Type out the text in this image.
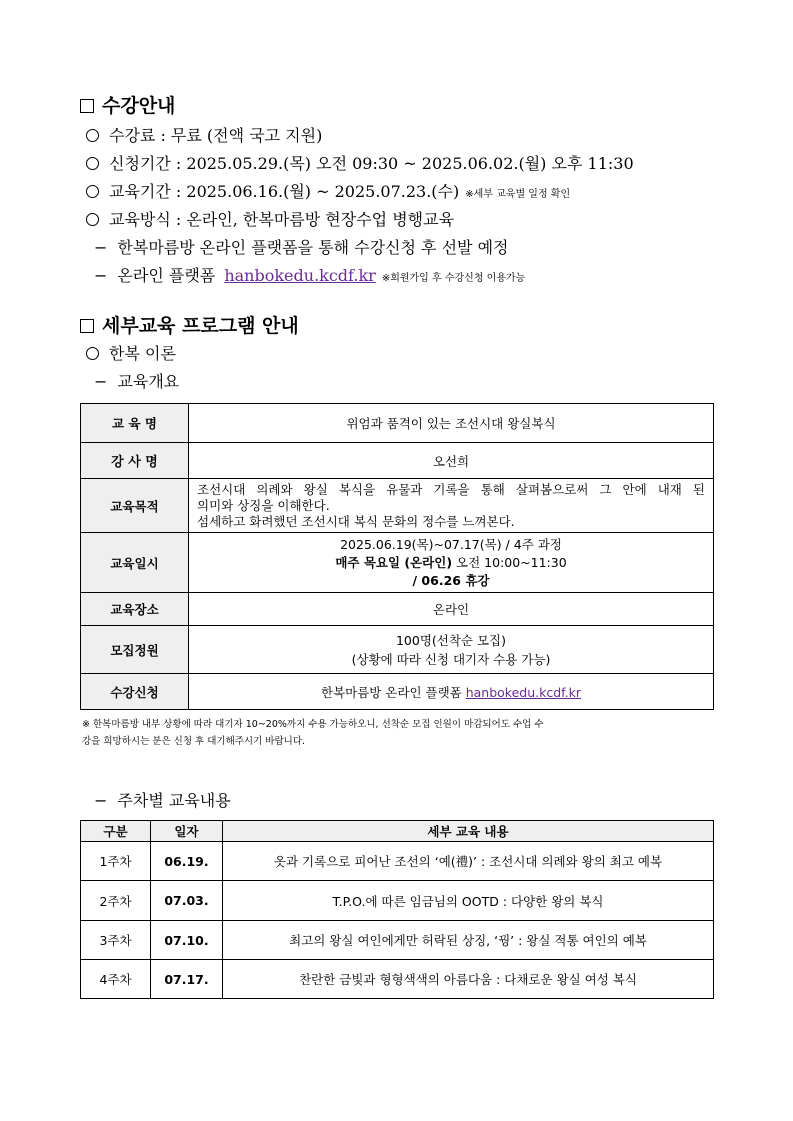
수강안내
수강료 : 무료 (전액 국고 지원)
신청기간 : 2025.05.29.(목) 오전 09:30 ~ 2025.06.02.(월) 오후 11:30
교육기간 : 2025.06.16.(월) ~ 2025.07.23.(수) ※세부 교육별 일정 확인
교육방식 : 온라인, 한복마름방 현장수업 병행교육
− 한복마름방 온라인 플랫폼을 통해 수강신청 후 선발 예정
− 온라인 플랫폼 hanbokedu.kcdf.kr ※회원가입 후 수강신청 이용가능
세부교육 프로그램 안내
한복 이론
− 교육개요
교 육 명	위엄과 품격이 있는 조선시대 왕실복식
강 사 명	오선희
교육목적	조선시대 의례와 왕실 복식을 유물과 기록을 통해 살펴봄으로써 그 안에 내재 된
의미와 상징을 이해한다.
섬세하고 화려했던 조선시대 복식 문화의 정수를 느껴본다.

교육일시	2025.06.19(목)~07.17(목) / 4주 과정
매주 목요일 (온라인) 오전 10:00~11:30
/ 06.26 휴강

교육장소	온라인
모집정원	100명(선착순 모집)
(상황에 따라 신청 대기자 수용 가능)

수강신청	한복마름방 온라인 플랫폼 hanbokedu.kcdf.kr
※ 한복마름방 내부 상황에 따라 대기자 10~20%까지 수용 가능하오니, 선착순 모집 인원이 마감되어도 수업 수
강을 희망하시는 분은 신청 후 대기해주시기 바랍니다.
− 주차별 교육내용
구분	일자	세부 교육 내용
1주차	06.19.	옷과 기록으로 피어난 조선의 ‘예(禮)’ : 조선시대 의례와 왕의 최고 예복
2주차	07.03.	T.P.O.에 따른 임금님의 OOTD : 다양한 왕의 복식
3주차	07.10.	최고의 왕실 여인에게만 허락된 상징, ‘꿩’ : 왕실 적통 여인의 예복
4주차	07.17.	찬란한 금빛과 형형색색의 아름다움 : 다채로운 왕실 여성 복식
